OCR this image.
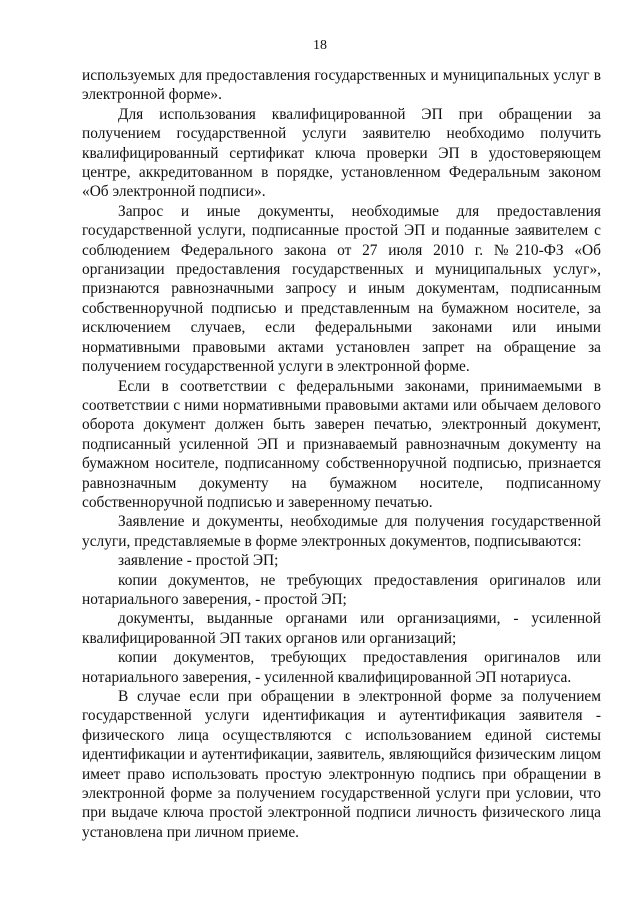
18

используемых для предоставления государственных и муниципальных услуг в электронной форме».

Для использования квалифицированной ЭП при обращении за получением государственной услуги заявителю необходимо получить квалифицированный сертификат ключа проверки ЭП в удостоверяющем центре, аккредитованном в порядке, установленном Федеральным законом «Об электронной подписи».

Запрос и иные документы, необходимые для предоставления государственной услуги, подписанные простой ЭП и поданные заявителем с соблюдением Федерального закона от 27 июля 2010 г. №210-ФЗ «Об организации предоставления государственных и муниципальных услуг», признаются равнозначными запросу и иным документам, подписанным собственноручной подписью и представленным на бумажном носителе, за исключением случаев, если федеральными законами или иными нормативными правовыми актами установлен запрет на обращение за получением государственной услуги в электронной форме.

Если в соответствии с федеральными законами, принимаемыми в соответствии с ними нормативными правовыми актами или обычаем делового оборота документ должен быть заверен печатью, электронный документ, подписанный усиленной ЭП и признаваемый равнозначным документу на бумажном носителе, подписанному собственноручной подписью, признается равнозначным документу на бумажном носителе, подписанному собственноручной подписью и заверенному печатью.

Заявление и документы, необходимые для получения государственной услуги, представляемые в форме электронных документов, подписываются:

заявление - простой ЭП;

копии документов, не требующих предоставления оригиналов или нотариального заверения, - простой ЭП;

документы, выданные органами или организациями, - усиленной квалифицированной ЭП таких органов или организаций;

копии документов, требующих предоставления оригиналов или нотариального заверения, - усиленной квалифицированной ЭП нотариуса.

В случае если при обращении в электронной форме за получением государственной услуги идентификация и аутентификация заявителя - физического лица осуществляются с использованием единой системы идентификации и аутентификации, заявитель, являющийся физическим лицом имеет право использовать простую электронную подпись при обращении в электронной форме за получением государственной услуги при условии, что при выдаче ключа простой электронной подписи личность физического лица установлена при личном приеме.
